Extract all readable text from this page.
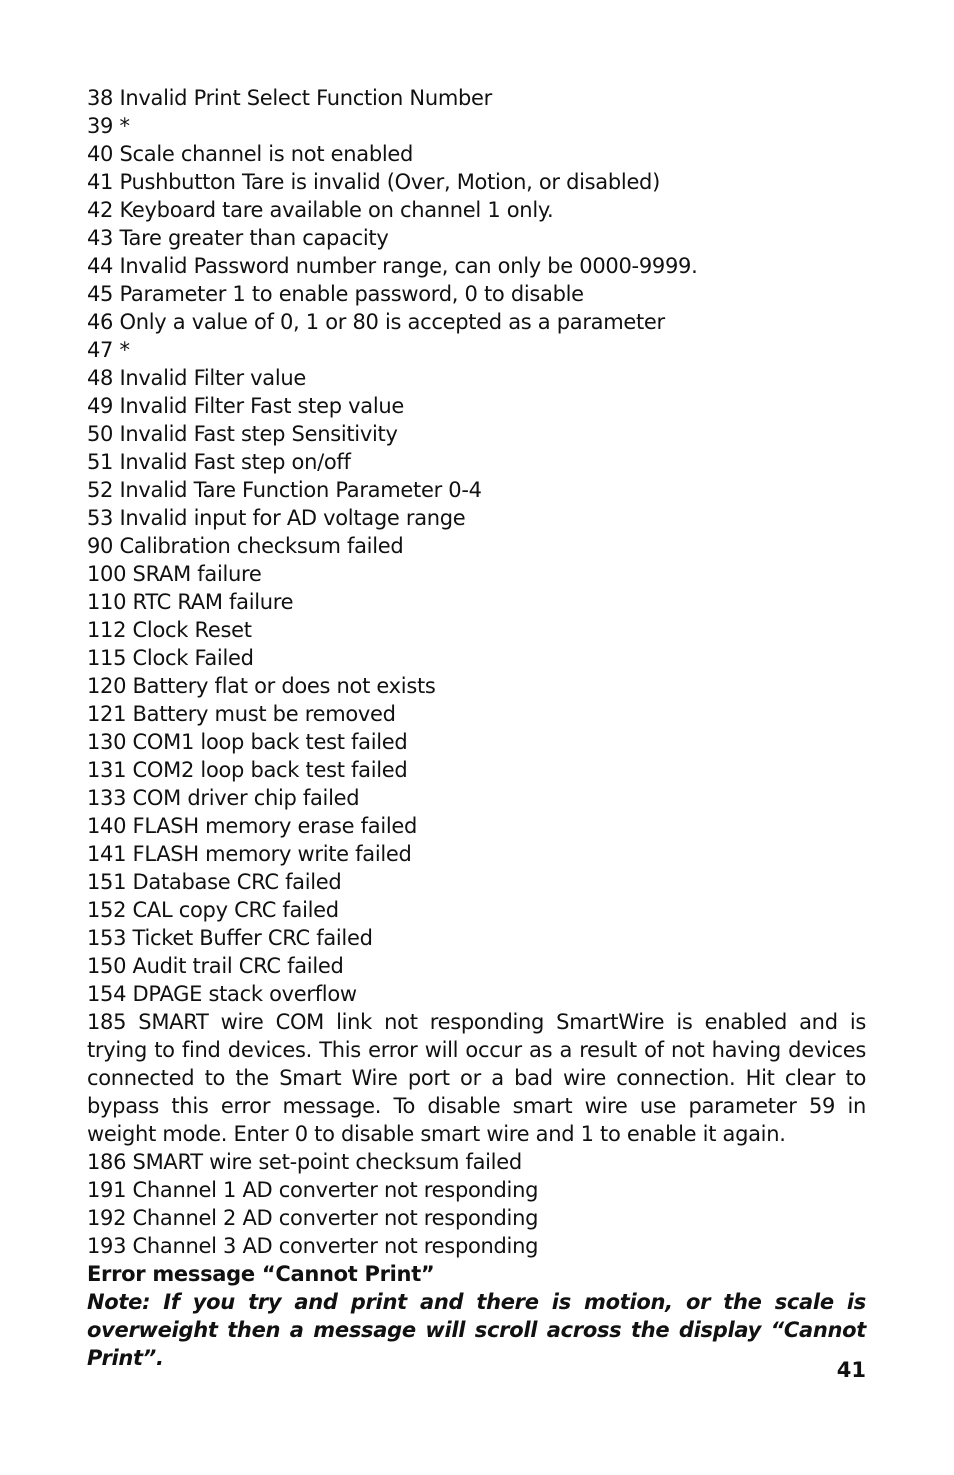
38 Invalid Print Select Function Number
39 *
40 Scale channel is not enabled
41 Pushbutton Tare is invalid (Over, Motion, or disabled)
42 Keyboard tare available on channel 1 only.
43 Tare greater than capacity
44 Invalid Password number range, can only be 0000-9999.
45 Parameter 1 to enable password, 0 to disable
46 Only a value of 0, 1 or 80 is accepted as a parameter
47 *
48 Invalid Filter value
49 Invalid Filter Fast step value
50 Invalid Fast step Sensitivity
51 Invalid Fast step on/off
52 Invalid Tare Function Parameter 0-4
53 Invalid input for AD voltage range
90 Calibration checksum failed
100 SRAM failure
110 RTC RAM failure
112 Clock Reset
115 Clock Failed
120 Battery flat or does not exists
121 Battery must be removed
130 COM1 loop back test failed
131 COM2 loop back test failed
133 COM driver chip failed
140 FLASH memory erase failed
141 FLASH memory write failed
151 Database CRC failed
152 CAL copy CRC failed
153 Ticket Buffer CRC failed
150 Audit trail CRC failed
154 DPAGE stack overflow
185 SMART wire COM link not responding SmartWire is enabled and is trying to find devices. This error will occur as a result of not having devices connected to the Smart Wire port or a bad wire connection. Hit clear to bypass this error message. To disable smart wire use parameter 59 in weight mode. Enter 0 to disable smart wire and 1 to enable it again.
186 SMART wire set-point checksum failed
191 Channel 1 AD converter not responding
192 Channel 2 AD converter not responding
193 Channel 3 AD converter not responding
Error message “Cannot Print”
Note: If you try and print and there is motion, or the scale is overweight then a message will scroll across the display “Cannot Print”.	41
